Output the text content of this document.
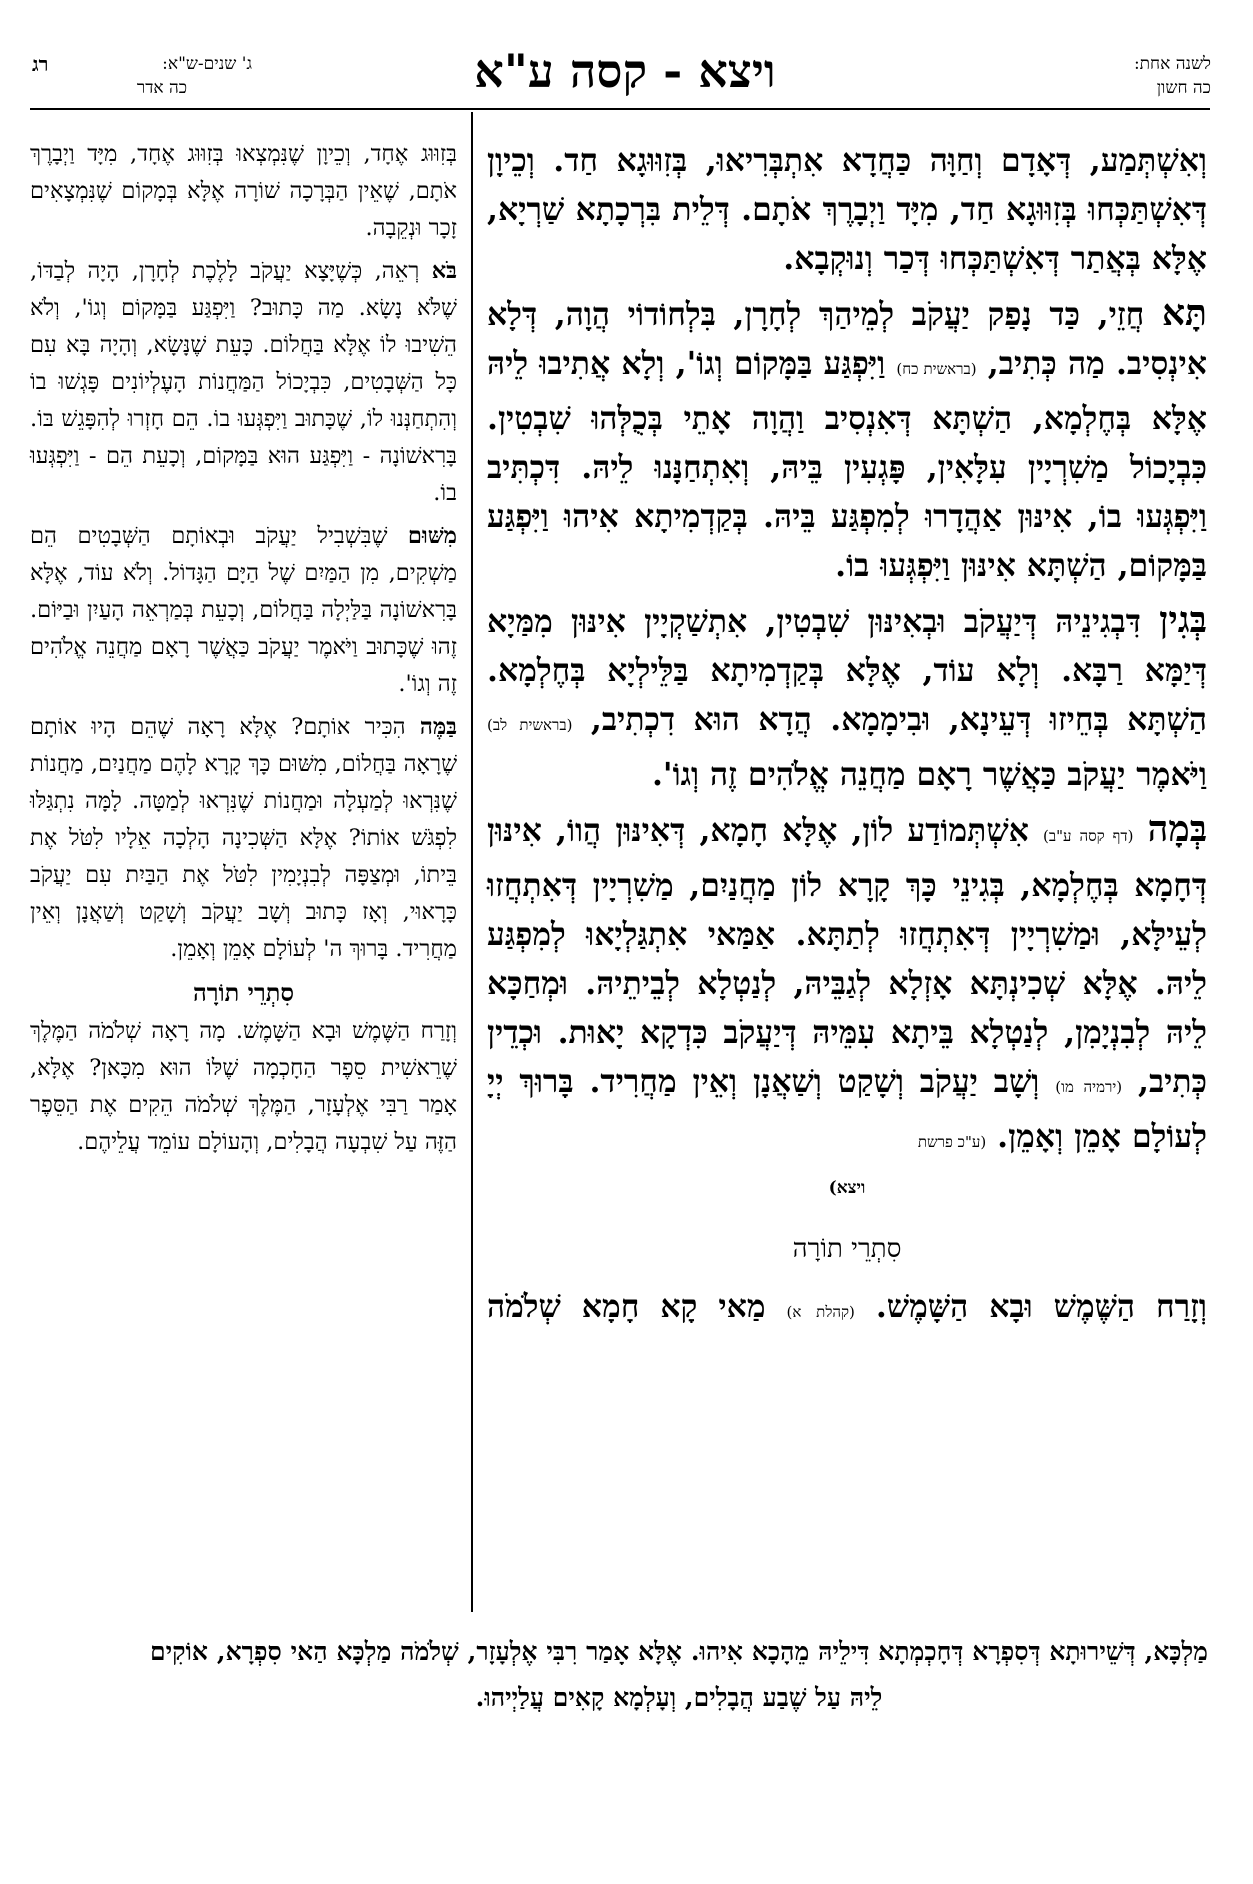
לשנה אחת:
כה חשון
ויצא - קסה ע"א
ג' שנים-ש"א:
רג
כה אדר

וְאִשְׁתְּמַע, דְּאָדָם וְחַוָּה כַּחֲדָא אִתְבְּרִיאוּ, בְּזִוּוּגָא חַד. וְכֵיוָן דְּאִשְׁתַּכְּחוּ בְּזִוּוּגָא חַד, מִיָּד וַיְבָרֶךְ אֹתָם. דְּלֵית בִּרְכָתָא שַׁרְיָא, אֶלָּא בְּאֲתַר דְּאִשְׁתַּכְּחוּ דְּכַר וְנוּקְבָא.

תָּא חֲזֵי, כַּד נָפַק יַעֲקֹב לְמֵיהַךְ לְחָרָן, בִּלְחוֹדוֹי הֲוָה, דְּלָא אִינְסִיב. מַה כְּתִיב, (בראשית כח) וַיִּפְגַּע בַּמָּקוֹם וְגוֹ', וְלָא אֲתִיבוּ לֵיהּ אֶלָּא בְּחֶלְמָא, הַשְׁתָּא דְּאִנְסִיב וַהֲוָה אָתֵי בְּכֻלְּהוּ שִׁבְטִין. כִּבְיָכוֹל מַשִׁרְיָין עִלָּאִין, פָּגְעִין בֵּיהּ, וְאִתְחַנָּנוּ לֵיהּ. דִּכְתִּיב וַיִּפְגְּעוּ בוֹ, אִינּוּן אַהֲדָרוּ לְמִפְגַּע בֵּיהּ. בְּקַדְמִיתָא אִיהוּ וַיִּפְגַּע בַּמָּקוֹם, הַשְׁתָּא אִינּוּן וַיִּפְגְּעוּ בוֹ.

בְּגִין דִּבְגִינֵיהּ דְּיַעֲקֹב וּבְאִינּוּן שִׁבְטִין, אִתְשַׁקְיָין אִינּוּן מִמַּיָא דְּיַמָּא רַבָּא. וְלָא עוֹד, אֶלָּא בְּקַדְמִיתָא בַּלֵּילְיָא בְּחֶלְמָא. הַשְׁתָּא בְּחֵיזוּ דְּעֵינָא, וּבִימָמָא. הֲדָא הוּא דִכְתִיב, (בראשית לב) וַיֹּאמֶר יַעֲקֹב כַּאֲשֶׁר רָאָם מַחֲנֵה אֱלֹהִים זֶה וְגוֹ'.

בְּמָה (דף קסה ע"ב) אִשְׁתְּמוֹדַע לוֹן, אֶלָּא חָמָא, דְּאִינּוּן הֲווֹ, אִינּוּן דְּחָמָא בְּחֶלְמָא, בְּגִינֵי כָּךְ קָרָא לוֹן מַחֲנַיִם, מַשִׁרְיָין דְּאִתְחֲזוּ לְעֵילָּא, וּמַשִׁרְיָין דְּאִתְחֲזוּ לְתַתָּא. אַמַּאי אִתְגַּלְיָאוּ לְמִפְגַּע לֵיהּ. אֶלָּא שְׁכִינְתָּא אָזְלָא לְגַבֵּיהּ, לְנַטְלָא לְבֵיתֵיהּ. וּמְחַכָּא לֵיהּ לְבִנְיָמִן, לְנַטְלָא בֵּיתָא עִמֵּיהּ דְּיַעֲקֹב כִּדְקָא יָאוּת. וּכְדֵין כְּתִיב, (ירמיה מו) וְשָׁב יַעֲקֹב וְשָׁקַט וְשַׁאֲנָן וְאֵין מַחֲרִיד. בָּרוּךְ יְיָ לְעוֹלָם אָמֵן וְאָמֵן. (ע"כ פרשת

ויצא)
סִתְרֵי תוֹרָה

וְזָרַח הַשֶּׁמֶשׁ וּבָא הַשָּׁמֶשׁ. (קהלת א) מַאי קָא חָמָא שְׁלֹמֹה

בְּזִוּוּג אֶחָד, וְכֵיוָן שֶׁנִּמְצְאוּ בְּזִוּוּג אֶחָד, מִיָּד וַיְבָרֶךְ אֹתָם, שֶׁאֵין הַבְּרָכָה שׁוֹרָה אֶלָּא בְּמָקוֹם שֶׁנִּמְצָאִים זָכָר וּנְקֵבָה.

בֹּא רְאֵה, כְּשֶׁיָּצָא יַעֲקֹב לָלֶכֶת לְחָרָן, הָיָה לְבַדּוֹ, שֶׁלֹּא נָשָׂא. מַה כָּתוּב? וַיִּפְגַּע בַּמָּקוֹם וְגוֹ', וְלֹא הֵשִׁיבוּ לוֹ אֶלָּא בַּחֲלוֹם. כָּעֵת שֶׁנָּשָׂא, וְהָיָה בָּא עִם כָּל הַשְּׁבָטִים, כִּבְיָכוֹל הַמַּחֲנוֹת הָעֶלְיוֹנִים פָּגְשׁוּ בוֹ וְהִתְחַנְּנוּ לוֹ, שֶׁכָּתוּב וַיִּפְגְּעוּ בוֹ. הֵם חָזְרוּ לְהִפָּגֵשׁ בּוֹ. בָּרִאשׁוֹנָה - וַיִּפְגַּע הוּא בַּמָּקוֹם, וְכָעֵת הֵם - וַיִּפְגְּעוּ בוֹ.

מִשּׁוּם שֶׁבִּשְׁבִיל יַעֲקֹב וּבְאוֹתָם הַשְּׁבָטִים הֵם מַשְׁקִים, מִן הַמַּיִם שֶׁל הַיָּם הַגָּדוֹל. וְלֹא עוֹד, אֶלָּא בָּרִאשׁוֹנָה בַּלַּיְלָה בַּחֲלוֹם, וְכָעֵת בְּמַרְאֵה הָעַיִן וּבַיּוֹם. זֶהוּ שֶׁכָּתוּב וַיֹּאמֶר יַעֲקֹב כַּאֲשֶׁר רָאָם מַחֲנֵה אֱלֹהִים זֶה וְגוֹ'.

בַּמֶּה הִכִּיר אוֹתָם? אֶלָּא רָאָה שֶׁהֵם הָיוּ אוֹתָם שֶׁרָאָה בַּחֲלוֹם, מִשּׁוּם כָּךְ קָרָא לָהֶם מַחֲנַיִם, מַחֲנוֹת שֶׁנִּרְאוּ לְמַעְלָה וּמַחֲנוֹת שֶׁנִּרְאוּ לְמַטָּה. לָמָּה נִתְגַּלּוּ לִפְגֹּשׁ אוֹתוֹ? אֶלָּא הַשְּׁכִינָה הָלְכָה אֵלָיו לִטֹּל אֶת בֵּיתוֹ, וּמְצַפָּה לְבִנְיָמִין לִטֹּל אֶת הַבַּיִת עִם יַעֲקֹב כָּרָאוּי, וְאָז כָּתוּב וְשָׁב יַעֲקֹב וְשָׁקַט וְשַׁאֲנָן וְאֵין מַחֲרִיד. בָּרוּךְ ה' לְעוֹלָם אָמֵן וְאָמֵן.

סִתְרֵי תוֹרָה

וְזָרַח הַשֶּׁמֶשׁ וּבָא הַשָּׁמֶשׁ. מָה רָאָה שְׁלֹמֹה הַמֶּלֶךְ שֶׁרֵאשִׁית סֵפֶר הַחָכְמָה שֶׁלּוֹ הוּא מִכָּאן? אֶלָּא, אָמַר רַבִּי אֶלְעָזָר, הַמֶּלֶךְ שְׁלֹמֹה הֵקִים אֶת הַסֵּפֶר הַזֶּה עַל שִׁבְעָה הֲבָלִים, וְהָעוֹלָם עוֹמֵד עֲלֵיהֶם.

מַלְכָּא, דְּשֵׁירוּתָא דְּסִפְרָא דְּחָכְמְתָא דִּילֵיהּ מֵהָכָא אִיהוּ. אֶלָּא אָמַר רִבִּי אֶלְעָזָר, שְׁלֹמֹה מַלְכָּא הַאי סִפְרָא, אוֹקִים לֵיהּ עַל שֶׁבַע הֲבָלִים, וְעָלְמָא קָאִים עֲלַיְיהוּ.
